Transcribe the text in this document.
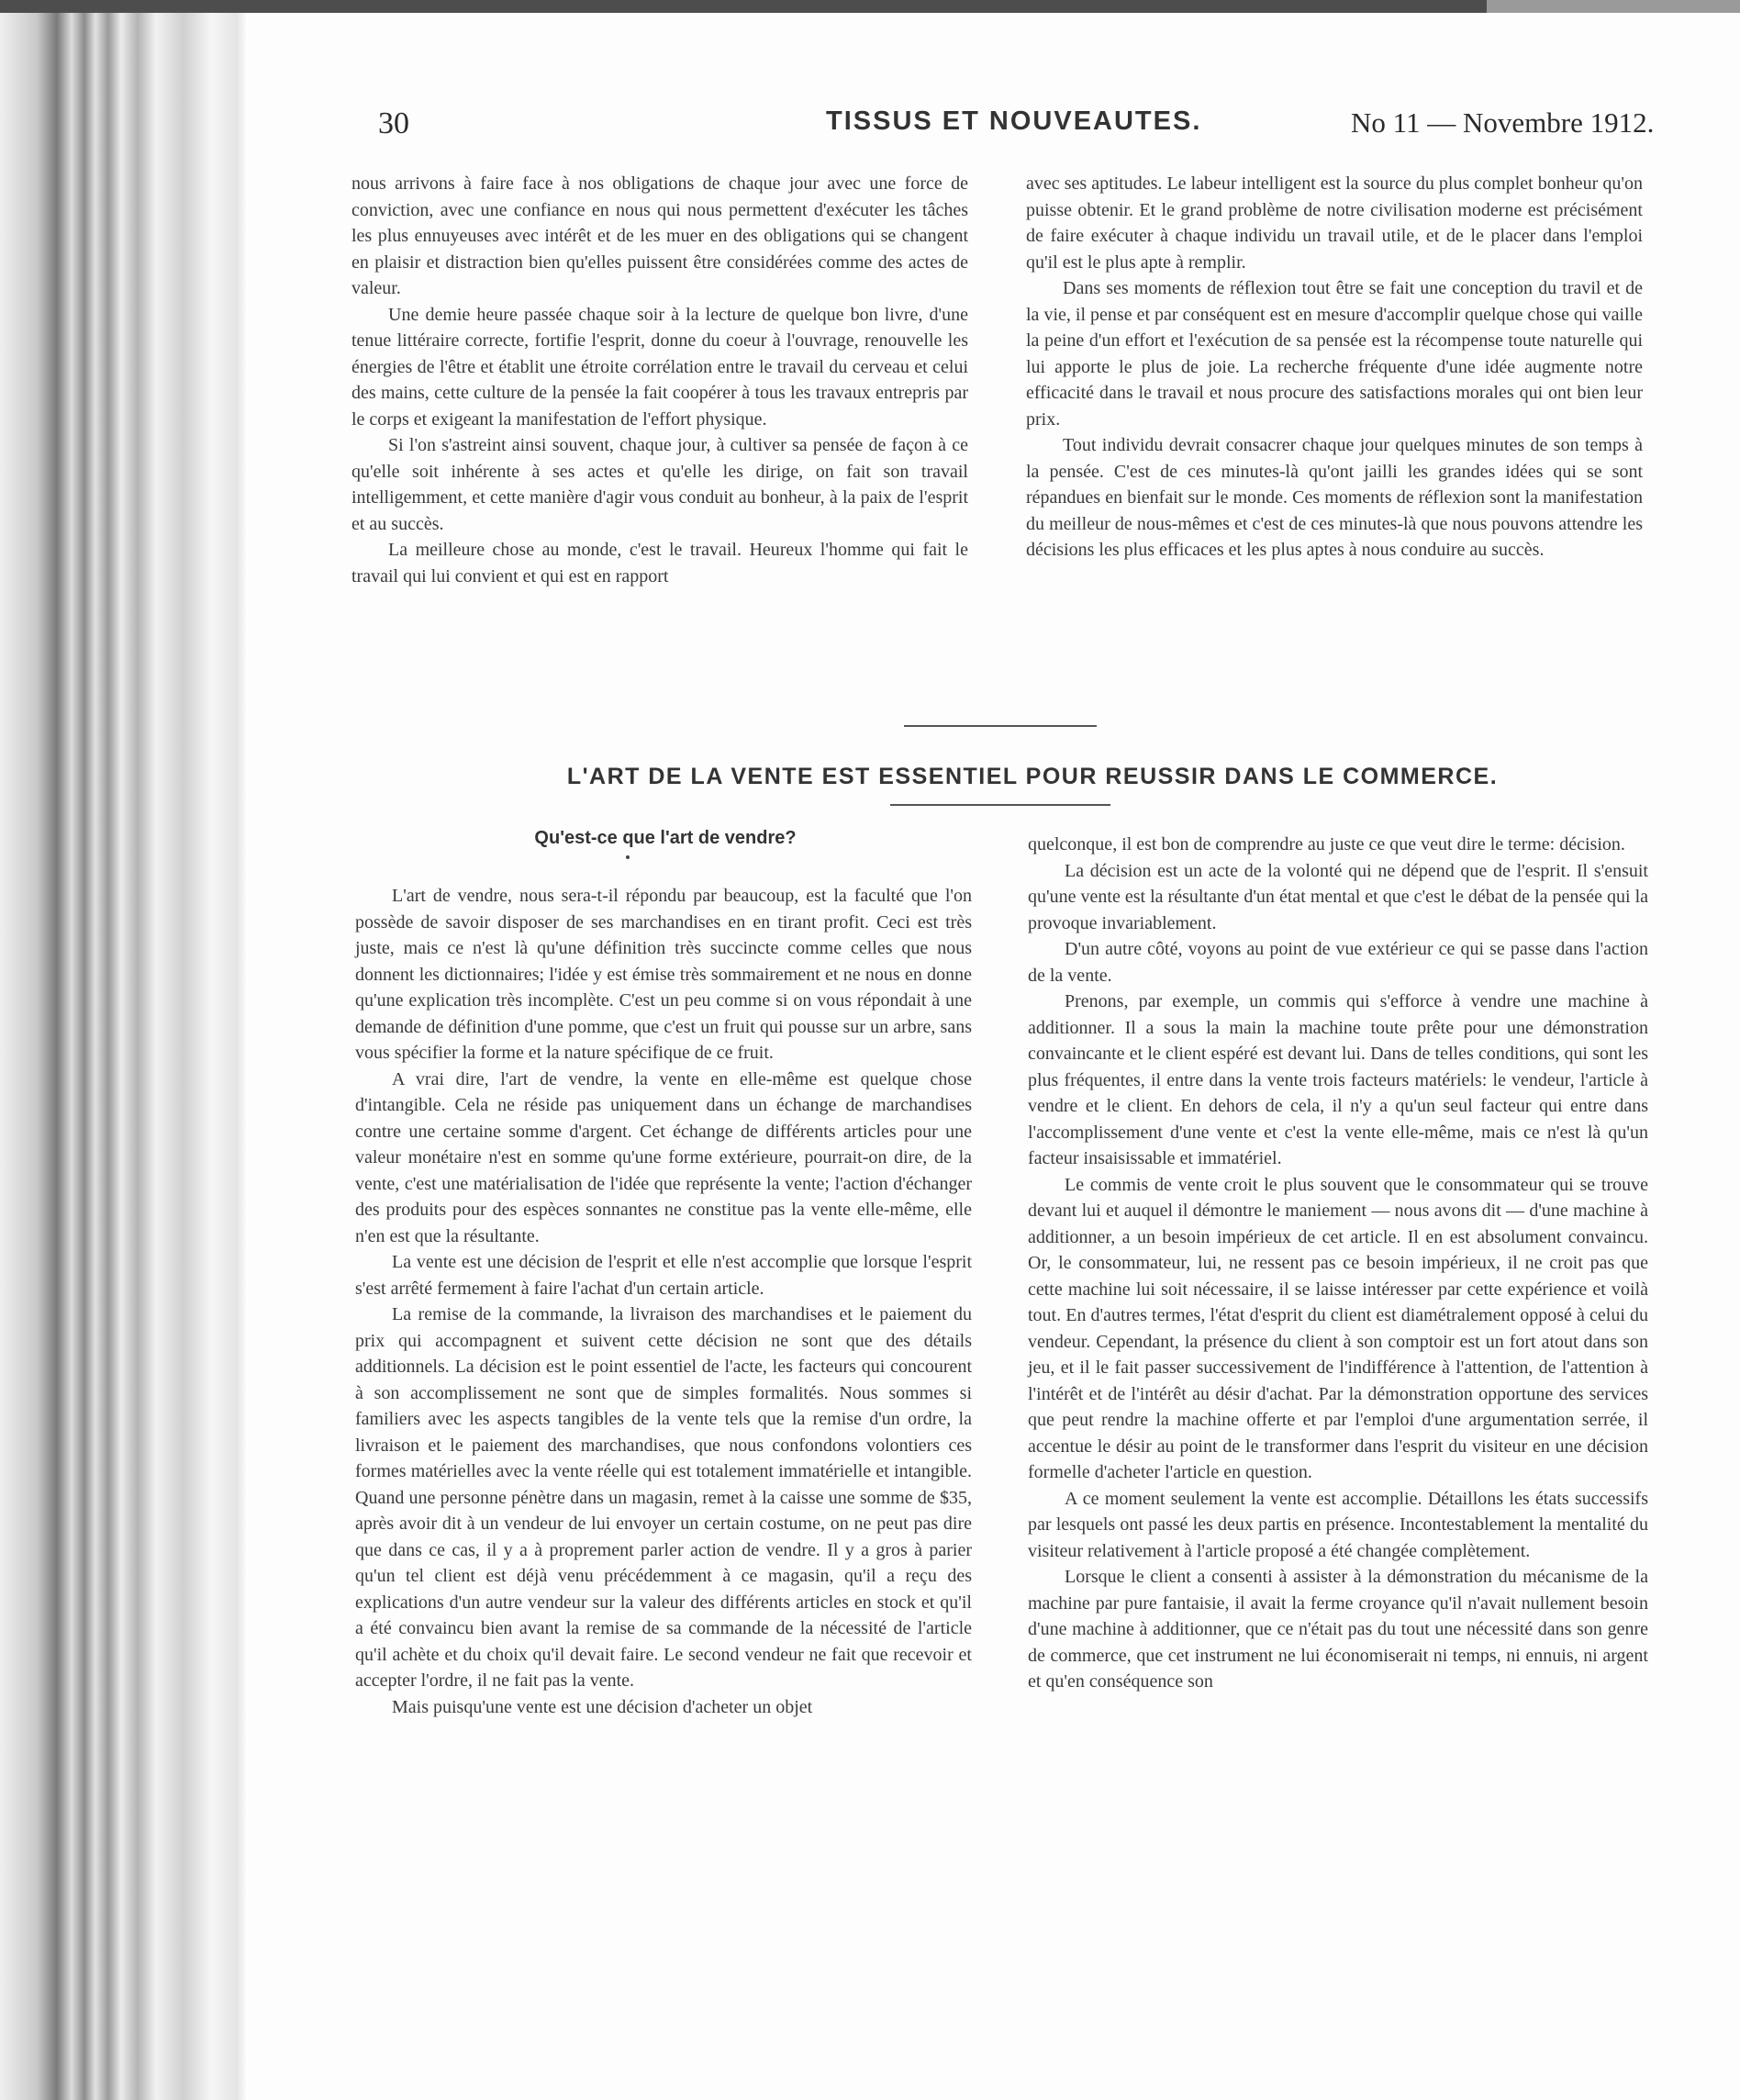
30	TISSUS ET NOUVEAUTES.	No 11 — Novembre 1912.

nous arrivons à faire face à nos obligations de chaque jour avec une force de conviction, avec une confiance en nous qui nous permettent d'exécuter les tâches les plus ennuyeuses avec intérêt et de les muer en des obligations qui se changent en plaisir et distraction bien qu'elles puissent être considérées comme des actes de valeur.

Une demie heure passée chaque soir à la lecture de quelque bon livre, d'une tenue littéraire correcte, fortifie l'esprit, donne du coeur à l'ouvrage, renouvelle les énergies de l'être et établit une étroite corrélation entre le travail du cerveau et celui des mains, cette culture de la pensée la fait coopérer à tous les travaux entrepris par le corps et exigeant la manifestation de l'effort physique.

Si l'on s'astreint ainsi souvent, chaque jour, à cultiver sa pensée de façon à ce qu'elle soit inhérente à ses actes et qu'elle les dirige, on fait son travail intelligemment, et cette manière d'agir vous conduit au bonheur, à la paix de l'esprit et au succès.

La meilleure chose au monde, c'est le travail. Heureux l'homme qui fait le travail qui lui convient et qui est en rapport

avec ses aptitudes. Le labeur intelligent est la source du plus complet bonheur qu'on puisse obtenir. Et le grand problème de notre civilisation moderne est précisément de faire exécuter à chaque individu un travail utile, et de le placer dans l'emploi qu'il est le plus apte à remplir.

Dans ses moments de réflexion tout être se fait une conception du travil et de la vie, il pense et par conséquent est en mesure d'accomplir quelque chose qui vaille la peine d'un effort et l'exécution de sa pensée est la récompense toute naturelle qui lui apporte le plus de joie. La recherche fréquente d'une idée augmente notre efficacité dans le travail et nous procure des satisfactions morales qui ont bien leur prix.

Tout individu devrait consacrer chaque jour quelques minutes de son temps à la pensée. C'est de ces minutes-là qu'ont jailli les grandes idées qui se sont répandues en bienfait sur le monde. Ces moments de réflexion sont la manifestation du meilleur de nous-mêmes et c'est de ces minutes-là que nous pouvons attendre les décisions les plus efficaces et les plus aptes à nous conduire au succès.

L'ART DE LA VENTE EST ESSENTIEL POUR REUSSIR DANS LE COMMERCE.
Qu'est-ce que l'art de vendre?

L'art de vendre, nous sera-t-il répondu par beaucoup, est la faculté que l'on possède de savoir disposer de ses marchandises en en tirant profit. Ceci est très juste, mais ce n'est là qu'une définition très succincte comme celles que nous donnent les dictionnaires; l'idée y est émise très sommairement et ne nous en donne qu'une explication très incomplète. C'est un peu comme si on vous répondait à une demande de définition d'une pomme, que c'est un fruit qui pousse sur un arbre, sans vous spécifier la forme et la nature spécifique de ce fruit.

A vrai dire, l'art de vendre, la vente en elle-même est quelque chose d'intangible. Cela ne réside pas uniquement dans un échange de marchandises contre une certaine somme d'argent. Cet échange de différents articles pour une valeur monétaire n'est en somme qu'une forme extérieure, pourrait-on dire, de la vente, c'est une matérialisation de l'idée que représente la vente; l'action d'échanger des produits pour des espèces sonnantes ne constitue pas la vente elle-même, elle n'en est que la résultante.

La vente est une décision de l'esprit et elle n'est accomplie que lorsque l'esprit s'est arrêté fermement à faire l'achat d'un certain article.

La remise de la commande, la livraison des marchandises et le paiement du prix qui accompagnent et suivent cette décision ne sont que des détails additionnels. La décision est le point essentiel de l'acte, les facteurs qui concourent à son accomplissement ne sont que de simples formalités. Nous sommes si familiers avec les aspects tangibles de la vente tels que la remise d'un ordre, la livraison et le paiement des marchandises, que nous confondons volontiers ces formes matérielles avec la vente réelle qui est totalement immatérielle et intangible. Quand une personne pénètre dans un magasin, remet à la caisse une somme de $35, après avoir dit à un vendeur de lui envoyer un certain costume, on ne peut pas dire que dans ce cas, il y a à proprement parler action de vendre. Il y a gros à parier qu'un tel client est déjà venu précédemment à ce magasin, qu'il a reçu des explications d'un autre vendeur sur la valeur des différents articles en stock et qu'il a été convaincu bien avant la remise de sa commande de la nécessité de l'article qu'il achète et du choix qu'il devait faire. Le second vendeur ne fait que recevoir et accepter l'ordre, il ne fait pas la vente.

Mais puisqu'une vente est une décision d'acheter un objet

quelconque, il est bon de comprendre au juste ce que veut dire le terme: décision.

La décision est un acte de la volonté qui ne dépend que de l'esprit. Il s'ensuit qu'une vente est la résultante d'un état mental et que c'est le débat de la pensée qui la provoque invariablement.

D'un autre côté, voyons au point de vue extérieur ce qui se passe dans l'action de la vente.

Prenons, par exemple, un commis qui s'efforce à vendre une machine à additionner. Il a sous la main la machine toute prête pour une démonstration convaincante et le client espéré est devant lui. Dans de telles conditions, qui sont les plus fréquentes, il entre dans la vente trois facteurs matériels: le vendeur, l'article à vendre et le client. En dehors de cela, il n'y a qu'un seul facteur qui entre dans l'accomplissement d'une vente et c'est la vente elle-même, mais ce n'est là qu'un facteur insaisissable et immatériel.

Le commis de vente croit le plus souvent que le consommateur qui se trouve devant lui et auquel il démontre le maniement — nous avons dit — d'une machine à additionner, a un besoin impérieux de cet article. Il en est absolument convaincu. Or, le consommateur, lui, ne ressent pas ce besoin impérieux, il ne croit pas que cette machine lui soit nécessaire, il se laisse intéresser par cette expérience et voilà tout. En d'autres termes, l'état d'esprit du client est diamétralement opposé à celui du vendeur. Cependant, la présence du client à son comptoir est un fort atout dans son jeu, et il le fait passer successivement de l'indifférence à l'attention, de l'attention à l'intérêt et de l'intérêt au désir d'achat. Par la démonstration opportune des services que peut rendre la machine offerte et par l'emploi d'une argumentation serrée, il accentue le désir au point de le transformer dans l'esprit du visiteur en une décision formelle d'acheter l'article en question.

A ce moment seulement la vente est accomplie. Détaillons les états successifs par lesquels ont passé les deux partis en présence. Incontestablement la mentalité du visiteur relativement à l'article proposé a été changée complètement.

Lorsque le client a consenti à assister à la démonstration du mécanisme de la machine par pure fantaisie, il avait la ferme croyance qu'il n'avait nullement besoin d'une machine à additionner, que ce n'était pas du tout une nécessité dans son genre de commerce, que cet instrument ne lui économiserait ni temps, ni ennuis, ni argent et qu'en conséquence son
